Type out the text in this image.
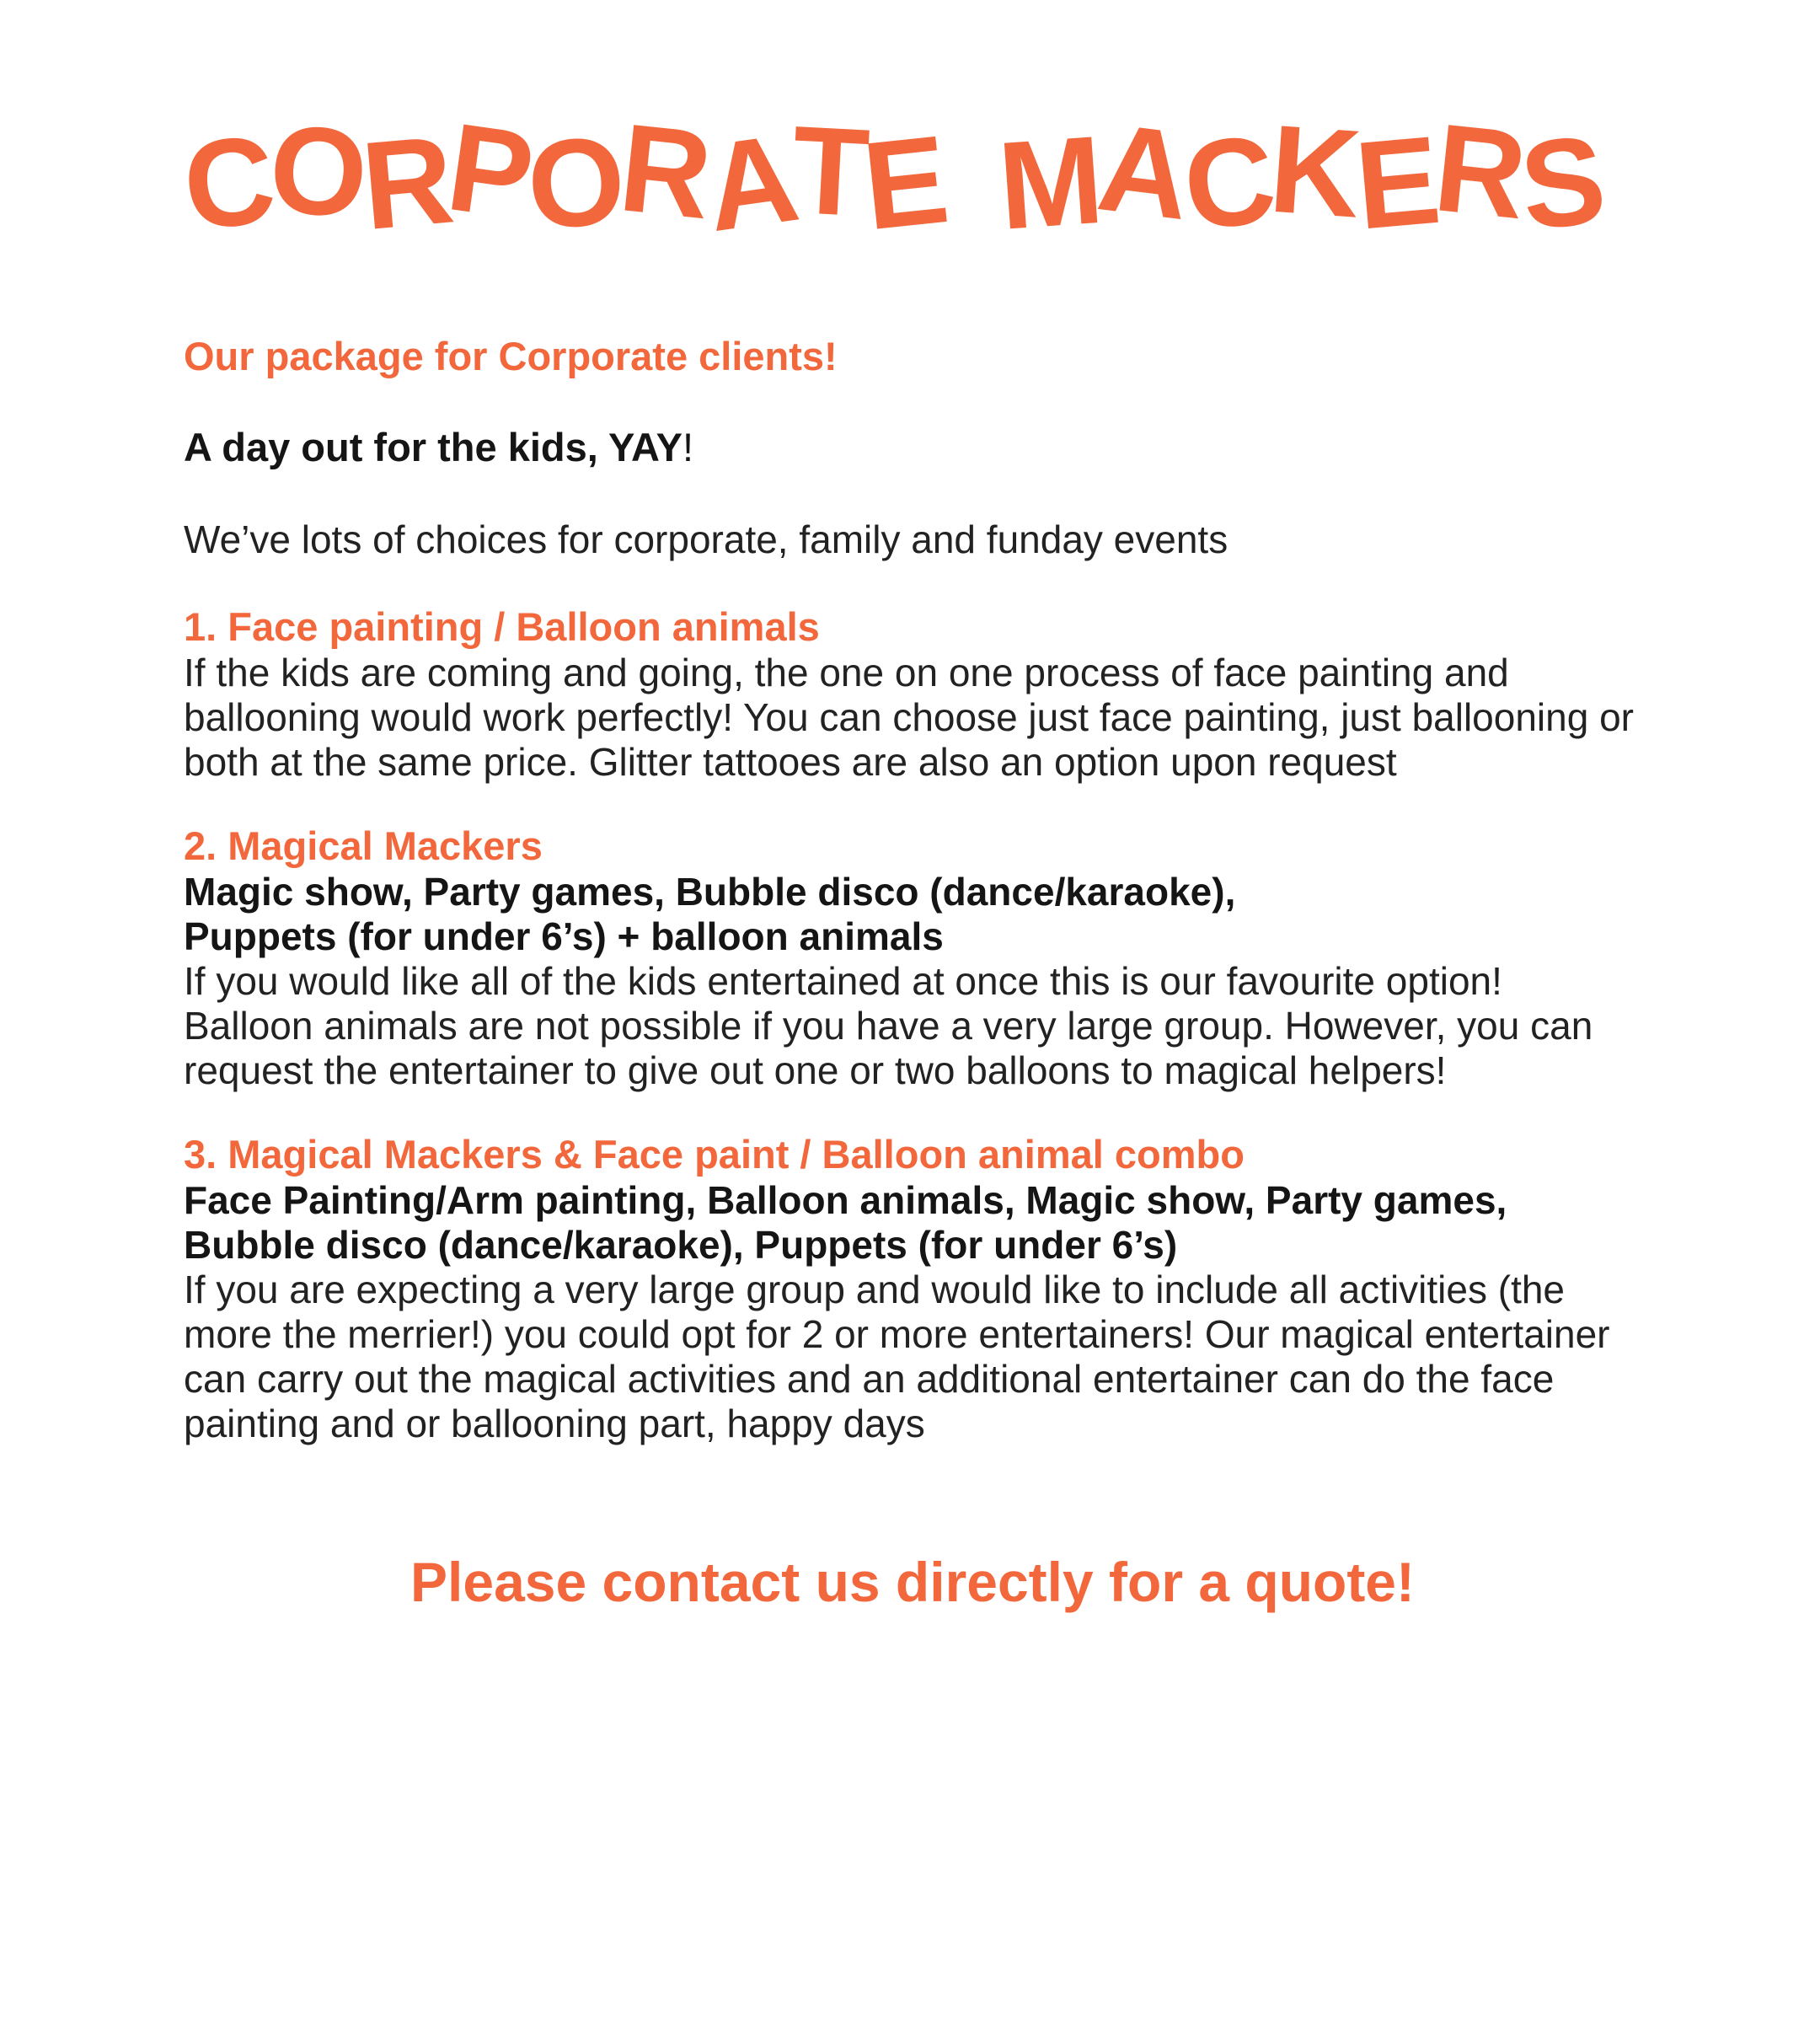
CORPORATE MACKERS

Our package for Corporate clients!

A day out for the kids, YAY!

We’ve lots of choices for corporate, family and funday events

1. Face painting / Balloon animals

If the kids are coming and going, the one on one process of face painting and ballooning would work perfectly! You can choose just face painting, just ballooning or both at the same price. Glitter tattooes are also an option upon request

2. Magical Mackers

Magic show, Party games, Bubble disco (dance/karaoke),

Puppets (for under 6’s) + balloon animals

If you would like all of the kids entertained at once this is our favourite option! Balloon animals are not possible if you have a very large group. However, you can request the entertainer to give out one or two balloons to magical helpers!

3. Magical Mackers & Face paint / Balloon animal combo

Face Painting/Arm painting, Balloon animals, Magic show, Party games,

Bubble disco (dance/karaoke), Puppets (for under 6’s)

If you are expecting a very large group and would like to include all activities (the more the merrier!) you could opt for 2 or more entertainers! Our magical entertainer can carry out the magical activities and an additional entertainer can do the face painting and or ballooning part, happy days

Please contact us directly for a quote!
